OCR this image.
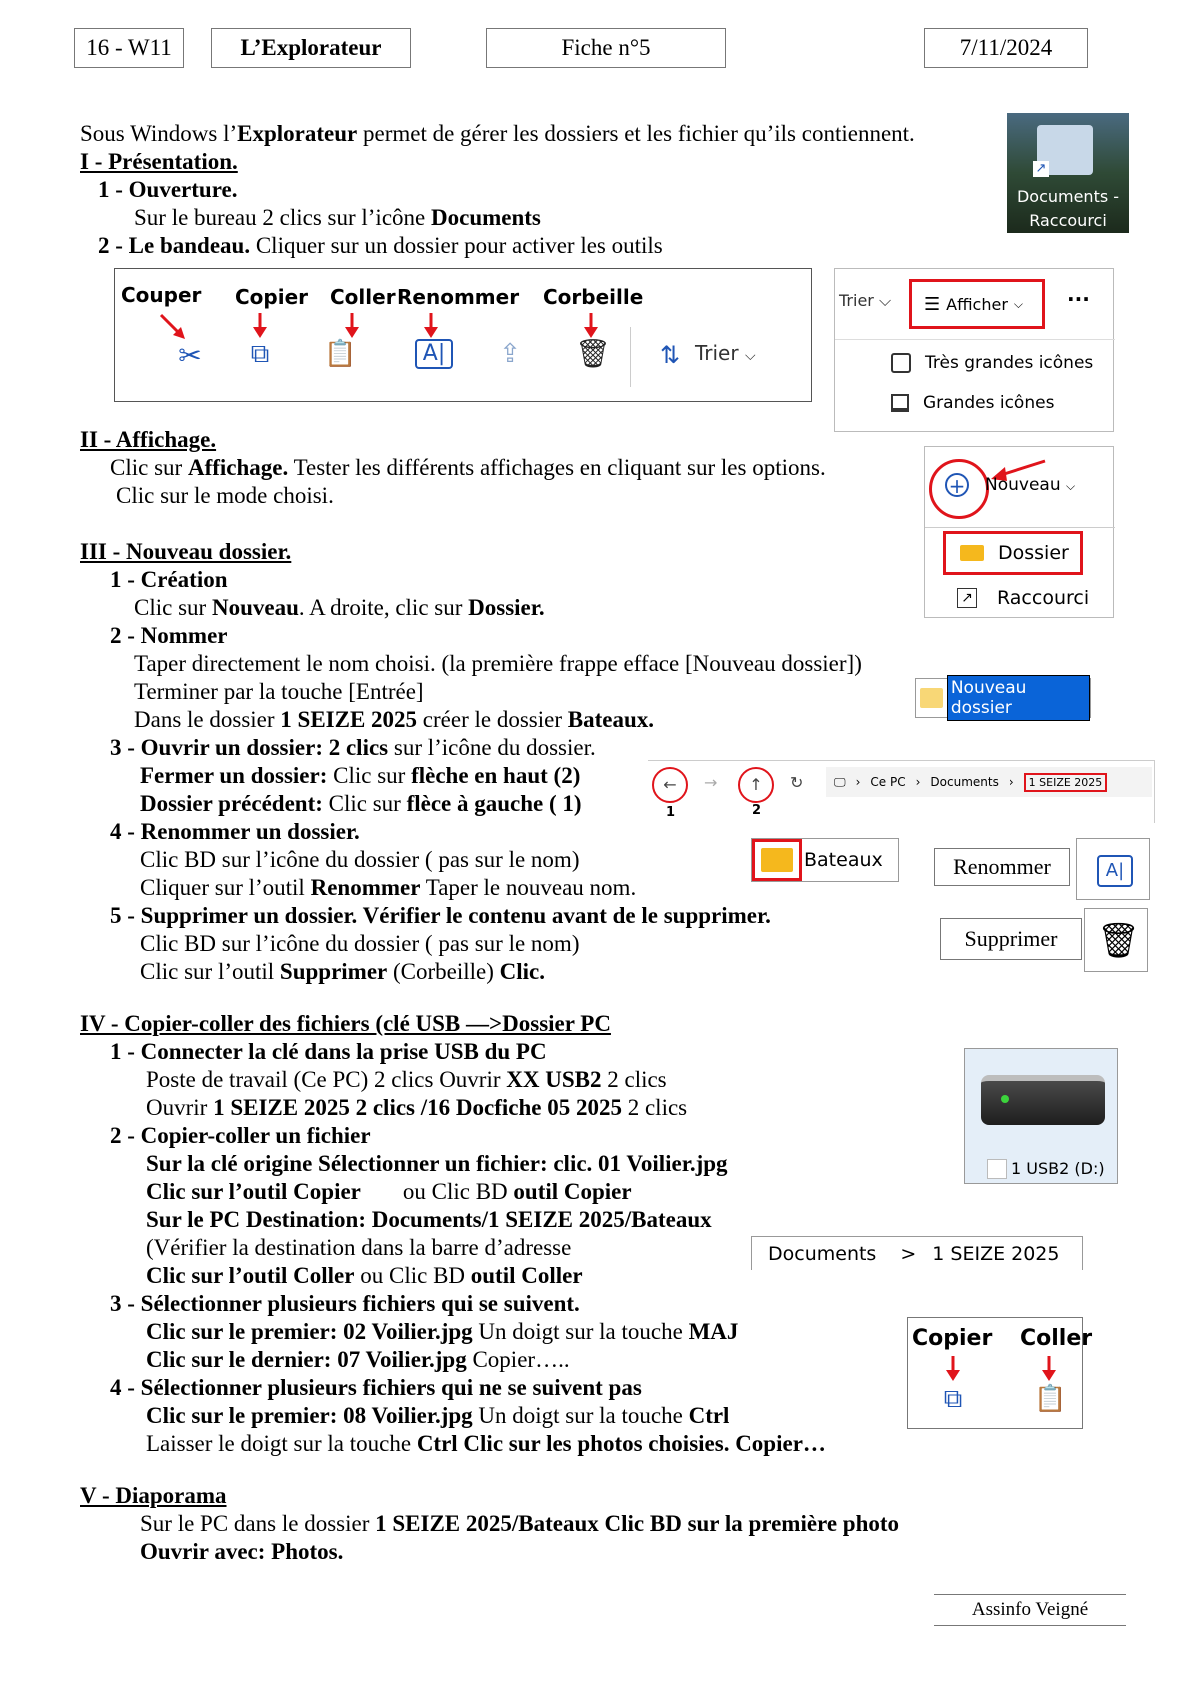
16 - W11	L’Explorateur	Fiche n°5	7/11/2024
Sous Windows l’Explorateur permet de gérer les dossiers et les fichier qu’ils contiennent.
↗
Documents -
Raccourci
I - Présentation.
1 - Ouverture.
Sur le bureau 2 clics sur l’icône Documents
2 - Le bandeau. Cliquer sur un dossier pour activer les outils
Couper Copier Coller Renommer Corbeille
✂ ⧉ 📋	A| ⇪ 🗑 ⇅ Trier ⌵
Trier ⌵ ☰ Afficher ⌵ ···
Très grandes icônes
Grandes icônes
II - Affichage.
Clic sur Affichage. Tester les différents affichages en cliquant sur les options.
Clic sur le mode choisi.	+ Nouveau ⌵
Dossier
↗ Raccourci
III - Nouveau dossier.
1 - Création
Clic sur Nouveau. A droite, clic sur Dossier.
2 - Nommer
Taper directement le nom choisi. (la première frappe efface [Nouveau dossier])
Terminer par la touche [Entrée]
Dans le dossier 1 SEIZE 2025 créer le dossier Bateaux.
Nouveau dossier
3 - Ouvrir un dossier: 2 clics sur l’icône du dossier.
Fermer un dossier: Clic sur flèche en haut (2)
Dossier précédent: Clic sur flèce à gauche ( 1)
←	→	↑	↻	🖵 › Ce PC › Documents ›	1 SEIZE 2025
1	2
4 - Renommer un dossier.
Clic BD sur l’icône du dossier ( pas sur le nom)
Cliquer sur l’outil Renommer Taper le nouveau nom.
Bateaux	Renommer	A|
5 - Supprimer un dossier. Vérifier le contenu avant de le supprimer.
Clic BD sur l’icône du dossier ( pas sur le nom)
Clic sur l’outil Supprimer (Corbeille) Clic.
Supprimer	🗑
IV - Copier-coller des fichiers (clé USB —>Dossier PC
1 - Connecter la clé dans la prise USB du PC
Poste de travail (Ce PC) 2 clics Ouvrir XX USB2 2 clics
Ouvrir 1 SEIZE 2025 2 clics /16 Docfiche 05 2025 2 clics
2 - Copier-coller un fichier
Sur la clé origine Sélectionner un fichier: clic. 01 Voilier.jpg
Clic sur l’outil Copier ou Clic BD outil Copier
Sur le PC Destination: Documents/1 SEIZE 2025/Bateaux
(Vérifier la destination dans la barre d’adresse
Clic sur l’outil Coller ou Clic BD outil Coller
3 - Sélectionner plusieurs fichiers qui se suivent.
Clic sur le premier: 02 Voilier.jpg Un doigt sur la touche MAJ
Clic sur le dernier: 07 Voilier.jpg Copier…..
4 - Sélectionner plusieurs fichiers qui ne se suivent pas
Clic sur le premier: 08 Voilier.jpg Un doigt sur la touche Ctrl
Laisser le doigt sur la touche Ctrl Clic sur les photos choisies. Copier…
1 USB2 (D:)
Documents > 1 SEIZE 2025
Copier Coller
⧉	📋
V - Diaporama
Sur le PC dans le dossier 1 SEIZE 2025/Bateaux Clic BD sur la première photo
Ouvrir avec: Photos.
Assinfo Veigné
